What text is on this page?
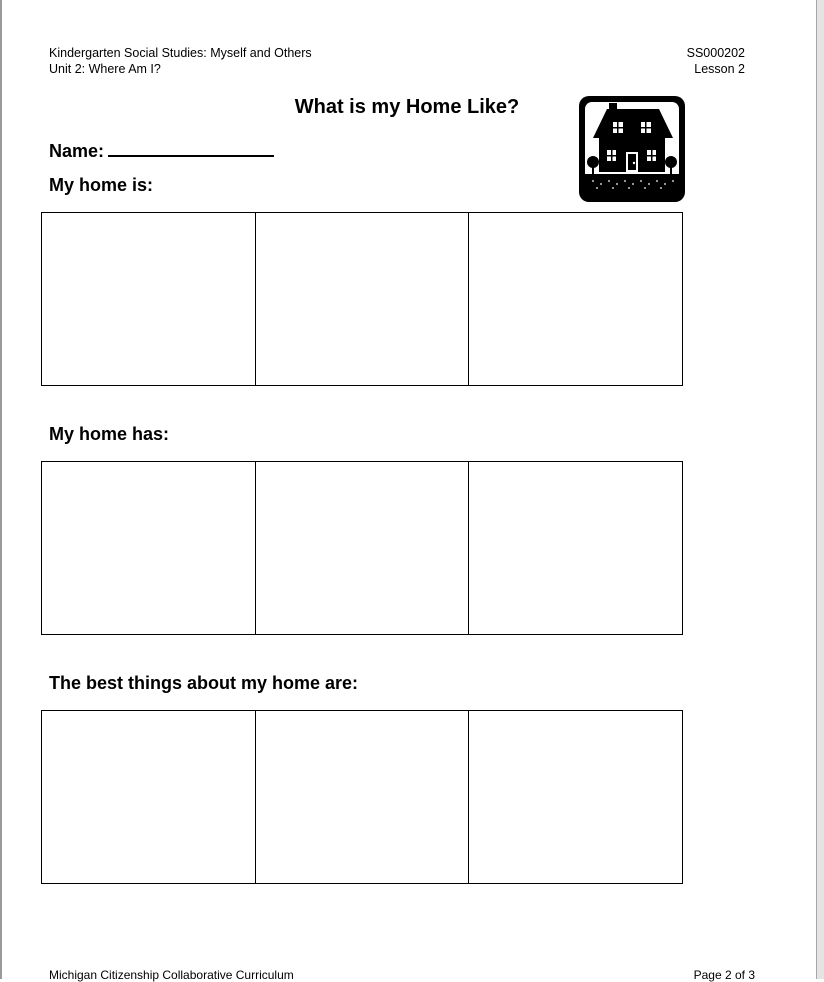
Kindergarten Social Studies: Myself and Others
Unit 2: Where Am I?
SS000202
Lesson 2
What is my Home Like?
Name:
My home is:
My home has:
The best things about my home are:
Michigan Citizenship Collaborative Curriculum	Page 2 of 3
